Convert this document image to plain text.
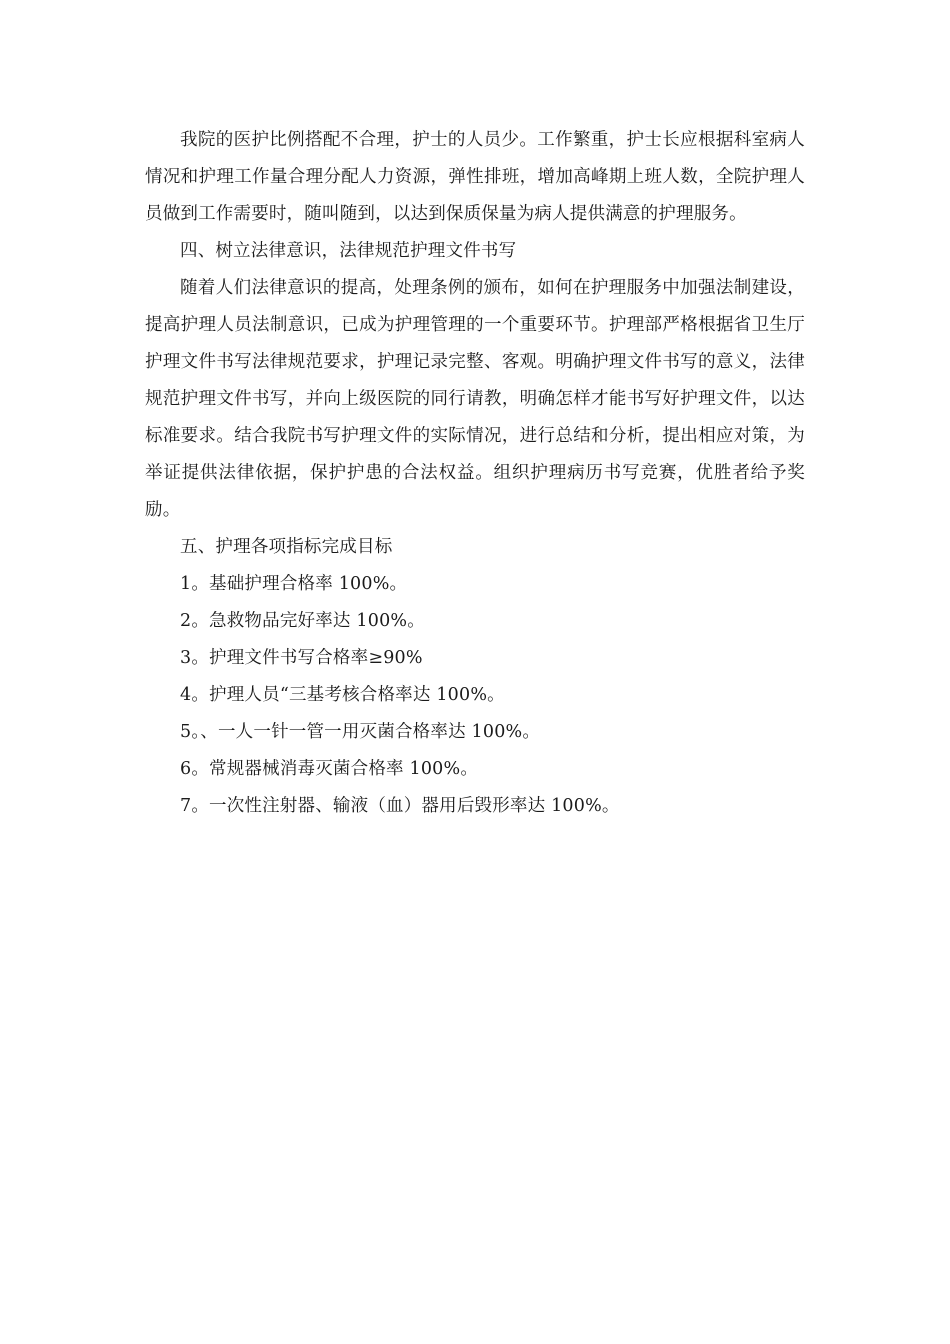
我院的医护比例搭配不合理，护士的人员少。工作繁重，护士长应根据科室病人情况和护理工作量合理分配人力资源，弹性排班，增加高峰期上班人数，全院护理人员做到工作需要时，随叫随到，以达到保质保量为病人提供满意的护理服务。

四、树立法律意识，法律规范护理文件书写

随着人们法律意识的提高，处理条例的颁布，如何在护理服务中加强法制建设，提高护理人员法制意识，已成为护理管理的一个重要环节。护理部严格根据省卫生厅护理文件书写法律规范要求，护理记录完整、客观。明确护理文件书写的意义，法律规范护理文件书写，并向上级医院的同行请教，明确怎样才能书写好护理文件，以达标准要求。结合我院书写护理文件的实际情况，进行总结和分析，提出相应对策，为举证提供法律依据，保护护患的合法权益。组织护理病历书写竞赛，优胜者给予奖励。

五、护理各项指标完成目标

1。基础护理合格率 100%。

2。急救物品完好率达 100%。

3。护理文件书写合格率≥90%

4。护理人员“三基考核合格率达 100%。

5。、一人一针一管一用灭菌合格率达 100%。

6。常规器械消毒灭菌合格率 100%。

7。一次性注射器、输液（血）器用后毁形率达 100%。
